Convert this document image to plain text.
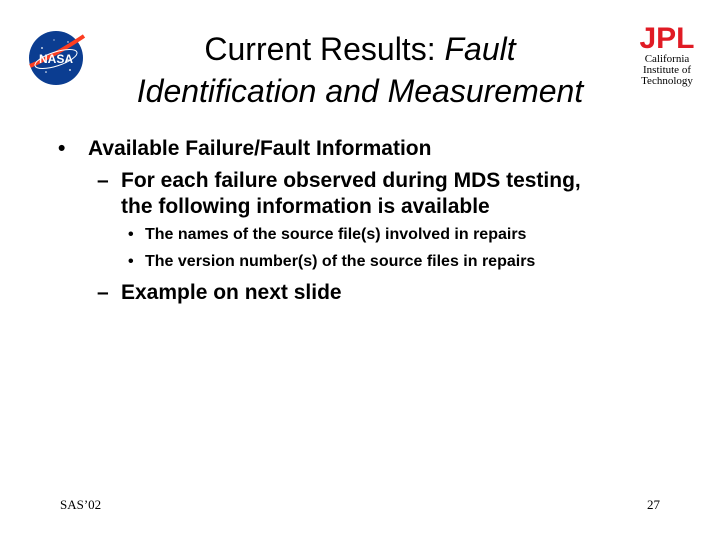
NASA
JPL
California
Institute of
Technology
Current Results: Fault
Identification and Measurement
• Available Failure/Fault Information
– For each failure observed during MDS testing,
the following information is available
• The names of the source file(s) involved in repairs
• The version number(s) of the source files in repairs
– Example on next slide
SAS’02	27
